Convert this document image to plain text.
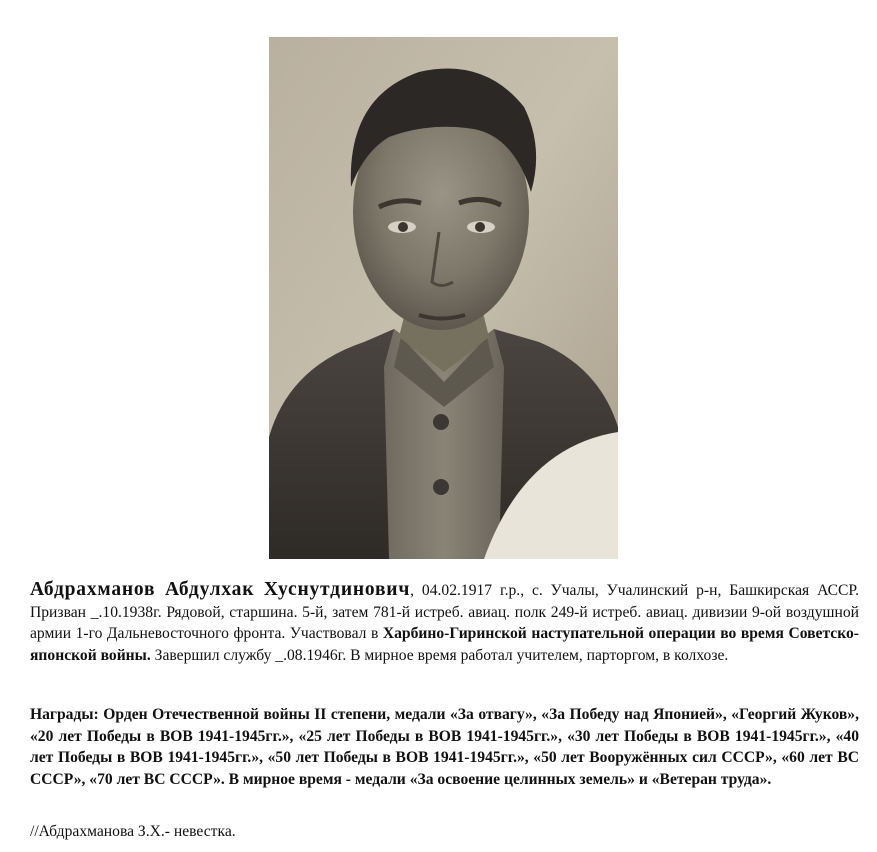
Абдрахманов Абдулхак Хуснутдинович, 04.02.1917 г.р., с. Учалы, Учалинский р-н, Башкирская АССР. Призван _.10.1938г. Рядовой, старшина. 5-й, затем 781-й истреб. авиац. полк 249-й истреб. авиац. дивизии 9-ой воздушной армии 1-го Дальневосточного фронта. Участвовал в Харбино-Гиринской наступательной операции во время Советско-японской войны. Завершил службу _.08.1946г. В мирное время работал учителем, парторгом, в колхозе.

Награды: Орден Отечественной войны II степени, медали «За отвагу», «За Победу над Японией», «Георгий Жуков», «20 лет Победы в ВОВ 1941-1945гг.», «25 лет Победы в ВОВ 1941-1945гг.», «30 лет Победы в ВОВ 1941-1945гг.», «40 лет Победы в ВОВ 1941-1945гг.», «50 лет Победы в ВОВ 1941-1945гг.», «50 лет Вооружённых сил СССР», «60 лет ВС СССР», «70 лет ВС СССР». В мирное время - медали «За освоение целинных земель» и «Ветеран труда».

//Абдрахманова З.Х.- невестка.
